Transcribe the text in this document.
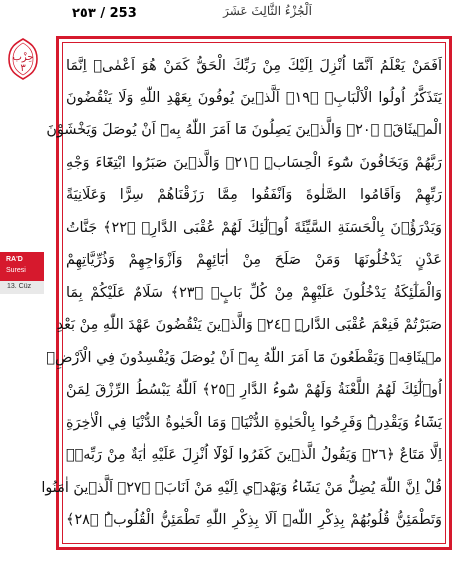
٢٥٣ / 253	اَلْجُزْءُ الثَّالِثَ عَشَرَ
حِزْب ٣
RA'D
Suresi
13. Cüz
اَفَمَنْ يَعْلَمُ اَنَّمَٓا اُنْزِلَ اِلَيْكَ مِنْ رَبِّكَ الْحَقُّ كَمَنْ هُوَ اَعْمٰىۜ اِنَّمَا
يَتَذَكَّرُ اُولُوا الْاَلْبَابِۙ ﴿١٩﴾ اَلَّذ۪ينَ يُوفُونَ بِعَهْدِ اللّٰهِ وَلَا يَنْقُضُونَ
الْم۪يثَاقَۙ ﴿٢٠﴾ وَالَّذ۪ينَ يَصِلُونَ مَٓا اَمَرَ اللّٰهُ بِه۪ٓ اَنْ يُوصَلَ وَيَخْشَوْنَ
رَبَّهُمْ وَيَخَافُونَ سُٓوءَ الْحِسَابِۜ ﴿٢١﴾ وَالَّذ۪ينَ صَبَرُوا ابْتِغَٓاءَ وَجْهِ
رَبِّهِمْ وَاَقَامُوا الصَّلٰوةَ وَاَنْفَقُوا مِمَّا رَزَقْنَاهُمْ سِرًّا وَعَلَانِيَةً
وَيَدْرَؤُ۫نَ بِالْحَسَنَةِ السَّيِّئَةَ اُو۬لٰٓئِكَ لَهُمْ عُقْبَى الدَّارِۙ ﴿٢٢﴾ جَنَّاتُ
عَدْنٍ يَدْخُلُونَهَا وَمَنْ صَلَحَ مِنْ اٰبَٓائِهِمْ وَاَزْوَاجِهِمْ وَذُرِّيَّاتِهِمْ
وَالْمَلٰٓئِكَةُ يَدْخُلُونَ عَلَيْهِمْ مِنْ كُلِّ بَابٍۚ ﴿٢٣﴾ سَلَامٌ عَلَيْكُمْ بِمَا
صَبَرْتُمْ فَنِعْمَ عُقْبَى الدَّارِۜ ﴿٢٤﴾ وَالَّذ۪ينَ يَنْقُضُونَ عَهْدَ اللّٰهِ مِنْ بَعْدِ
م۪يثَاقِه۪ وَيَقْطَعُونَ مَٓا اَمَرَ اللّٰهُ بِه۪ٓ اَنْ يُوصَلَ وَيُفْسِدُونَ فِي الْاَرْضِۙ
اُو۬لٰٓئِكَ لَهُمُ اللَّعْنَةُ وَلَهُمْ سُٓوءُ الدَّارِ ﴿٢٥﴾ اَللّٰهُ يَبْسُطُ الرِّزْقَ لِمَنْ
يَشَٓاءُ وَيَقْدِرُۜ وَفَرِحُوا بِالْحَيٰوةِ الدُّنْيَاۜ وَمَا الْحَيٰوةُ الدُّنْيَا فِي الْاٰخِرَةِ
اِلَّا مَتَاعٌ ﴿٢٦﴾ وَيَقُولُ الَّذ۪ينَ كَفَرُوا لَوْلَٓا اُنْزِلَ عَلَيْهِ اٰيَةٌ مِنْ رَبِّه۪ۜ
قُلْ اِنَّ اللّٰهَ يُضِلُّ مَنْ يَشَٓاءُ وَيَهْد۪ٓي اِلَيْهِ مَنْ اَنَابَۚ ﴿٢٧﴾ اَلَّذ۪ينَ اٰمَنُوا
وَتَطْمَئِنُّ قُلُوبُهُمْ بِذِكْرِ اللّٰهِۜ اَلَا بِذِكْرِ اللّٰهِ تَطْمَئِنُّ الْقُلُوبُۜ ﴿٢٨﴾
